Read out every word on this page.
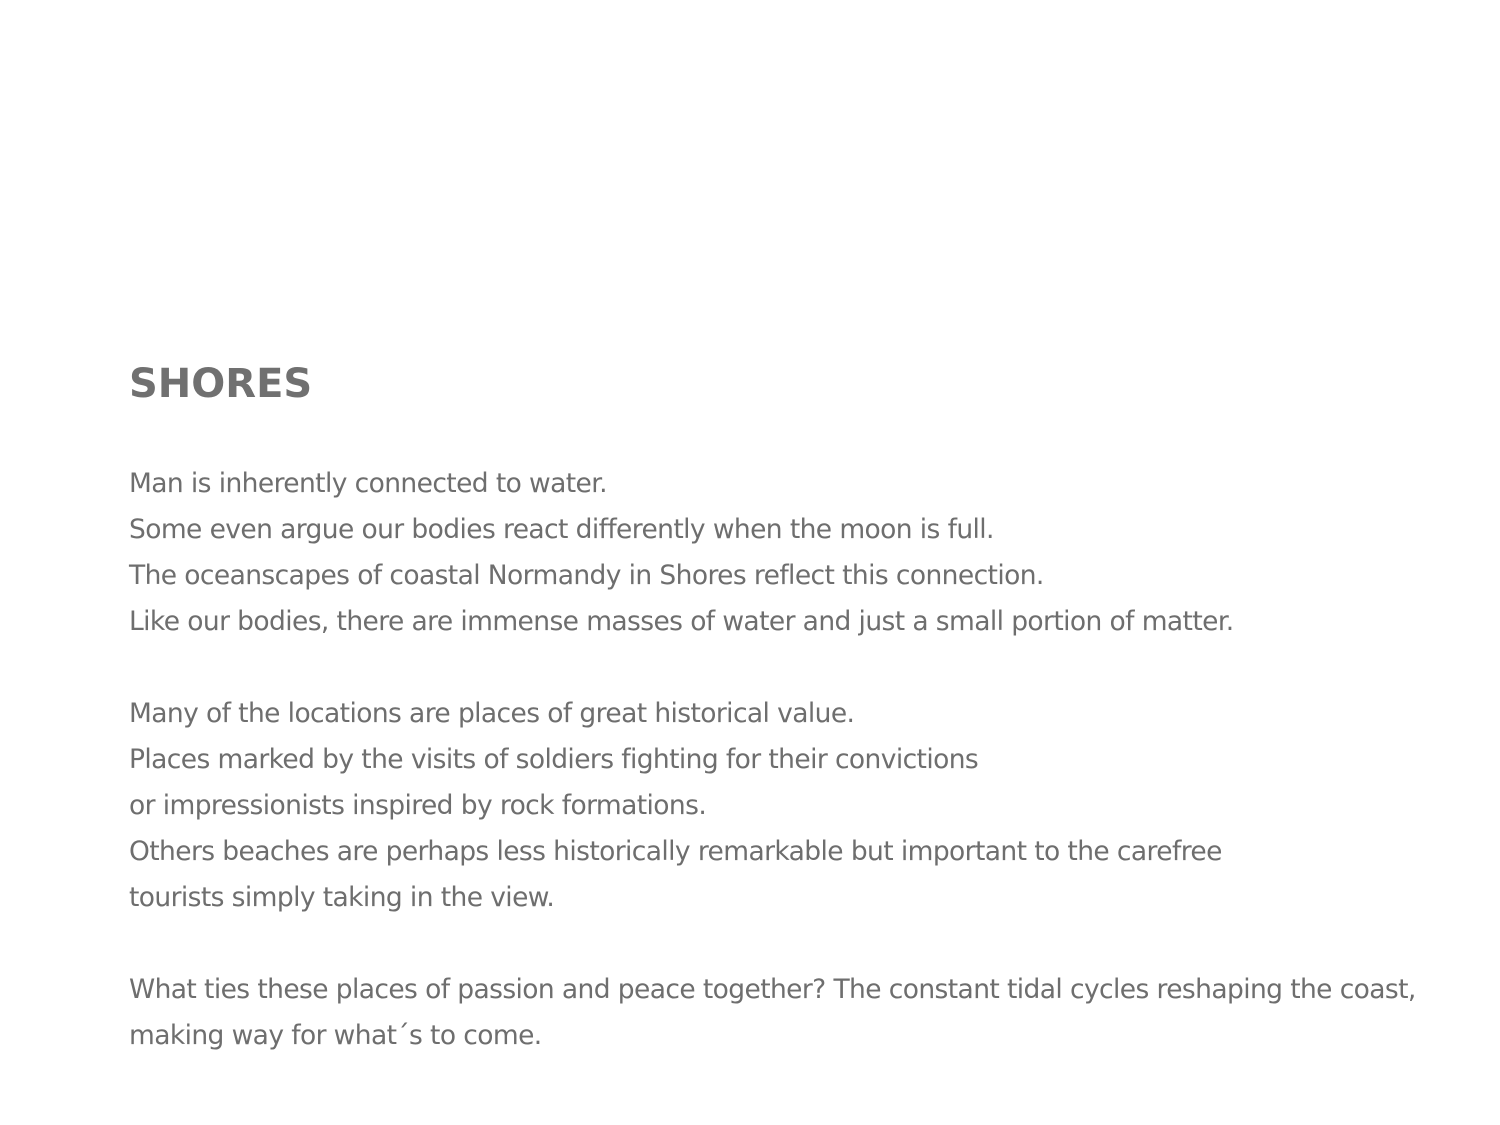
SHORES

Man is inherently connected to water.
Some even argue our bodies react differently when the moon is full.
The oceanscapes of coastal Normandy in Shores reflect this connection.
Like our bodies, there are immense masses of water and just a small portion of matter.

Many of the locations are places of great historical value.
Places marked by the visits of soldiers fighting for their convictions
or impressionists inspired by rock formations.
Others beaches are perhaps less historically remarkable but important to the carefree
tourists simply taking in the view.

What ties these places of passion and peace together? The constant tidal cycles reshaping the coast,
making way for what´s to come.
